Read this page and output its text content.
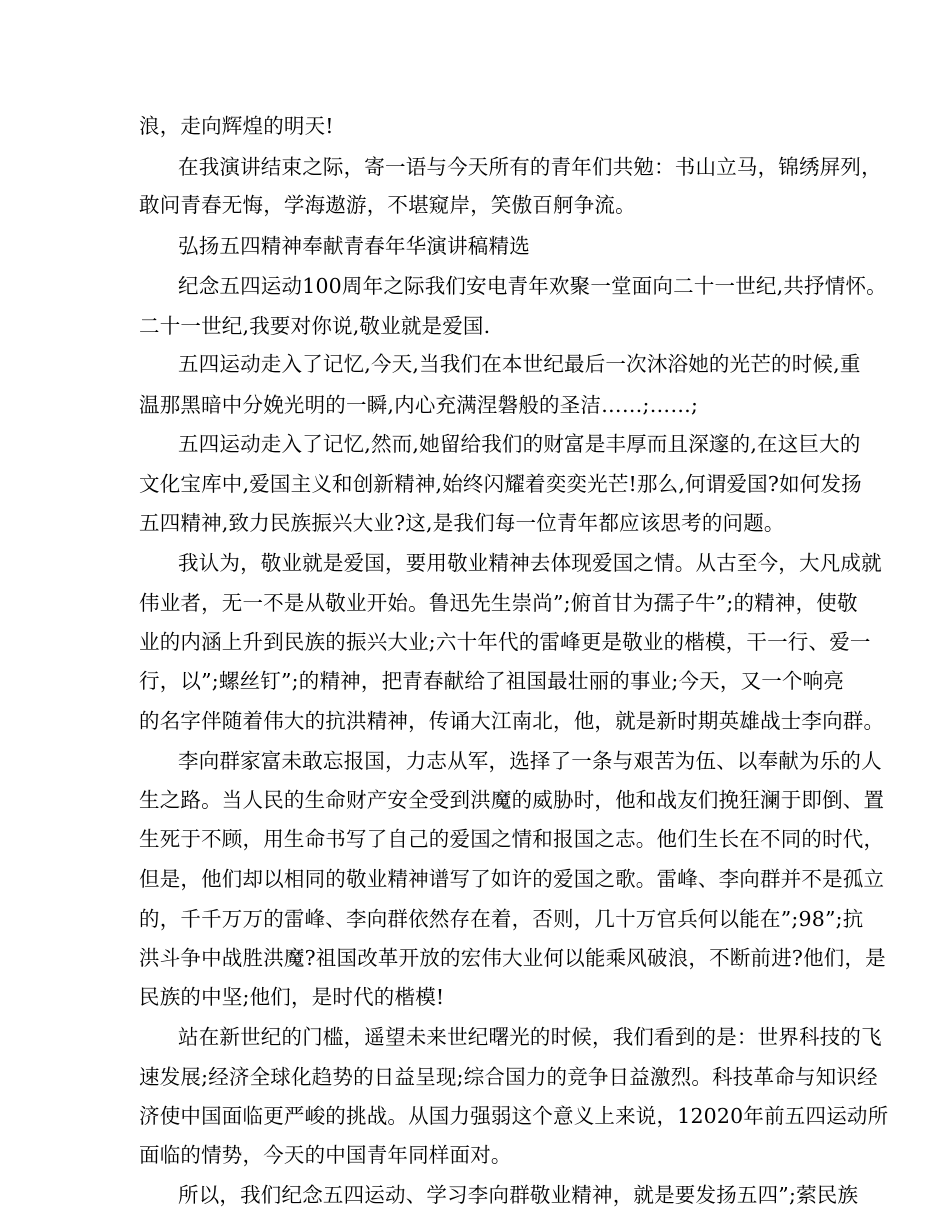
浪，走向辉煌的明天!
在我演讲结束之际，寄一语与今天所有的青年们共勉：书山立马，锦绣屏列，
敢问青春无悔，学海遨游，不堪窥岸，笑傲百舸争流。
弘扬五四精神奉献青春年华演讲稿精选
纪念五四运动100周年之际我们安电青年欢聚一堂面向二十一世纪,共抒情怀。
二十一世纪,我要对你说,敬业就是爱国.
五四运动走入了记忆,今天,当我们在本世纪最后一次沐浴她的光芒的时候,重
温那黑暗中分娩光明的一瞬,内心充满涅磐般的圣洁……;……;
五四运动走入了记忆,然而,她留给我们的财富是丰厚而且深邃的,在这巨大的
文化宝库中,爱国主义和创新精神,始终闪耀着奕奕光芒!那么,何谓爱国?如何发扬
五四精神,致力民族振兴大业?这,是我们每一位青年都应该思考的问题。
我认为，敬业就是爱国，要用敬业精神去体现爱国之情。从古至今，大凡成就
伟业者，无一不是从敬业开始。鲁迅先生崇尚”;俯首甘为孺子牛”;的精神，使敬
业的内涵上升到民族的振兴大业;六十年代的雷峰更是敬业的楷模，干一行、爱一
行，以”;螺丝钉”;的精神，把青春献给了祖国最壮丽的事业;今天，又一个响亮
的名字伴随着伟大的抗洪精神，传诵大江南北，他，就是新时期英雄战士李向群。
李向群家富未敢忘报国，力志从军，选择了一条与艰苦为伍、以奉献为乐的人
生之路。当人民的生命财产安全受到洪魔的威胁时，他和战友们挽狂澜于即倒、置
生死于不顾，用生命书写了自己的爱国之情和报国之志。他们生长在不同的时代，
但是，他们却以相同的敬业精神谱写了如许的爱国之歌。雷峰、李向群并不是孤立
的，千千万万的雷峰、李向群依然存在着，否则，几十万官兵何以能在”;98”;抗
洪斗争中战胜洪魔?祖国改革开放的宏伟大业何以能乘风破浪，不断前进?他们，是
民族的中坚;他们，是时代的楷模!
站在新世纪的门槛，遥望未来世纪曙光的时候，我们看到的是：世界科技的飞
速发展;经济全球化趋势的日益呈现;综合国力的竞争日益激烈。科技革命与知识经
济使中国面临更严峻的挑战。从国力强弱这个意义上来说，12020年前五四运动所
面临的情势，今天的中国青年同样面对。
所以，我们纪念五四运动、学习李向群敬业精神，就是要发扬五四”;萦民族
